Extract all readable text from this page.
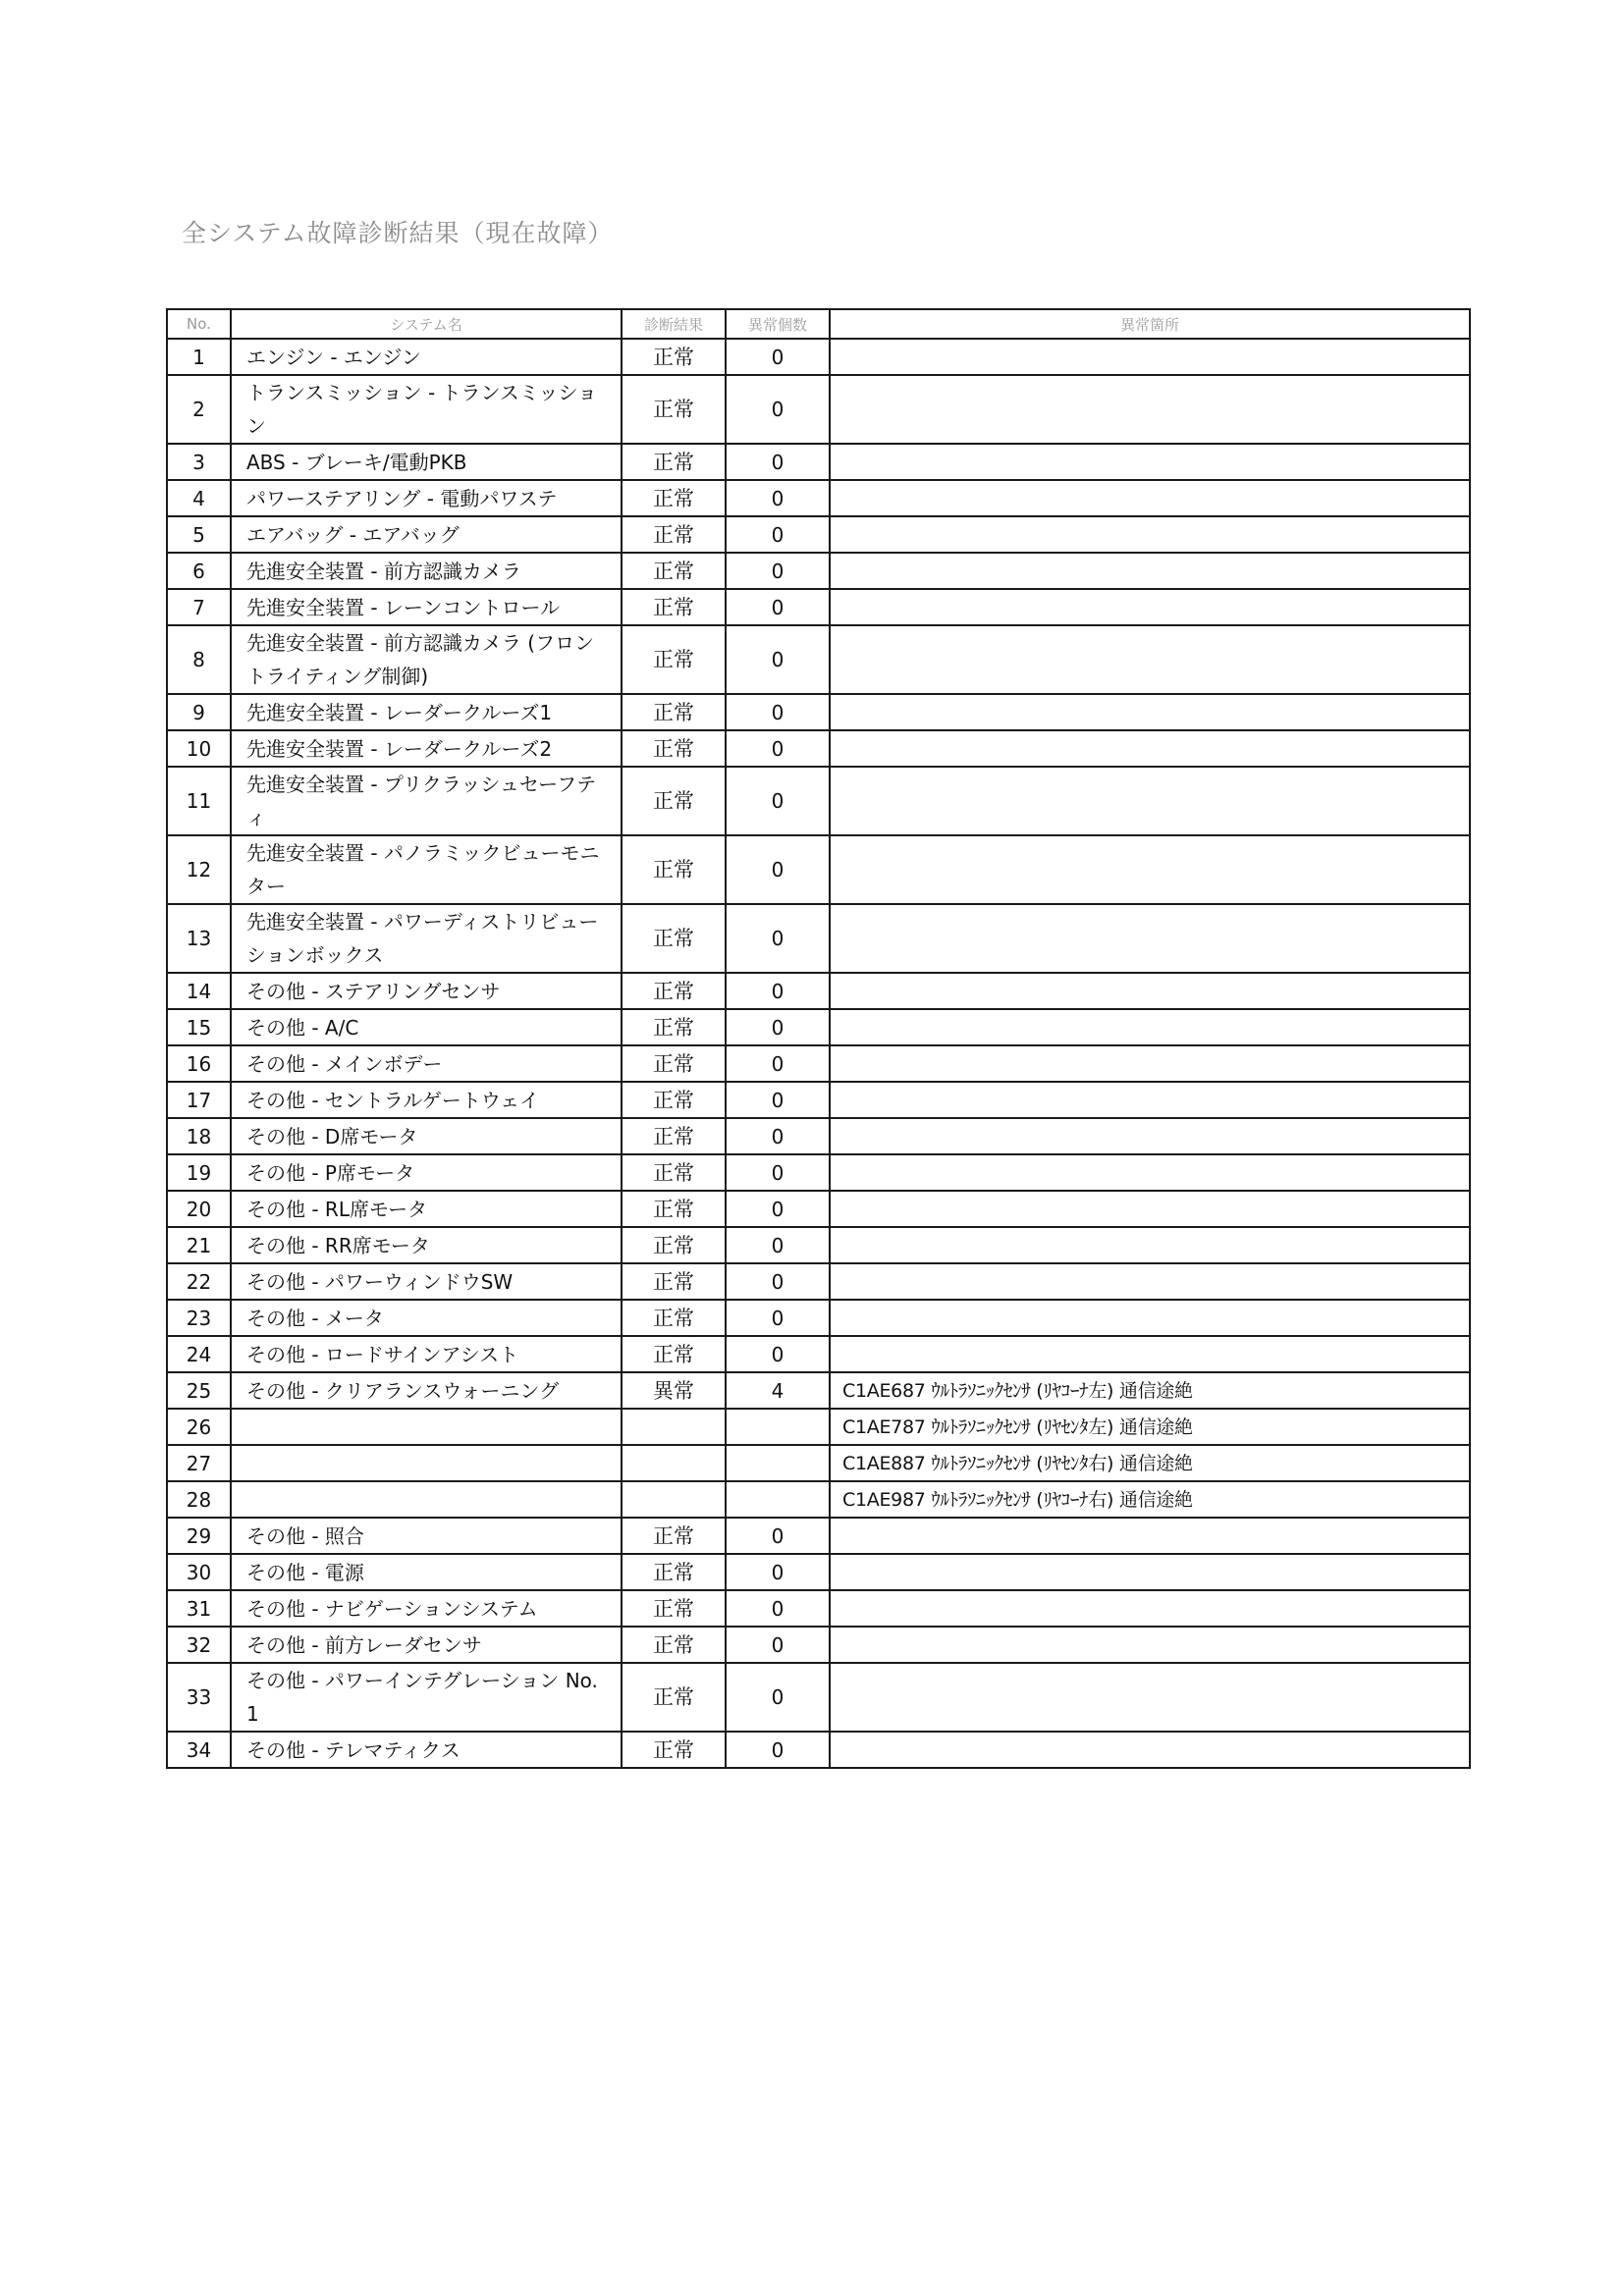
全システム故障診断結果（現在故障）
No.	システム名	診断結果	異常個数	異常箇所
1	エンジン - エンジン	正常	0	
2	トランスミッション - トランスミッション	正常	0	
3	ABS - ブレーキ/電動PKB	正常	0	
4	パワーステアリング - 電動パワステ	正常	0	
5	エアバッグ - エアバッグ	正常	0	
6	先進安全装置 - 前方認識カメラ	正常	0	
7	先進安全装置 - レーンコントロール	正常	0	
8	先進安全装置 - 前方認識カメラ (フロントライティング制御)	正常	0	
9	先進安全装置 - レーダークルーズ1	正常	0	
10	先進安全装置 - レーダークルーズ2	正常	0	
11	先進安全装置 - プリクラッシュセーフティ	正常	0	
12	先進安全装置 - パノラミックビューモニター	正常	0	
13	先進安全装置 - パワーディストリビューションボックス	正常	0	
14	その他 - ステアリングセンサ	正常	0	
15	その他 - A/C	正常	0	
16	その他 - メインボデー	正常	0	
17	その他 - セントラルゲートウェイ	正常	0	
18	その他 - D席モータ	正常	0	
19	その他 - P席モータ	正常	0	
20	その他 - RL席モータ	正常	0	
21	その他 - RR席モータ	正常	0	
22	その他 - パワーウィンドウSW	正常	0	
23	その他 - メータ	正常	0	
24	その他 - ロードサインアシスト	正常	0	
25	その他 - クリアランスウォーニング	異常	4	C1AE687 ｳﾙﾄﾗｿﾆｯｸｾﾝｻ (ﾘﾔｺｰﾅ左) 通信途絶
26				C1AE787 ｳﾙﾄﾗｿﾆｯｸｾﾝｻ (ﾘﾔｾﾝﾀ左) 通信途絶
27				C1AE887 ｳﾙﾄﾗｿﾆｯｸｾﾝｻ (ﾘﾔｾﾝﾀ右) 通信途絶
28				C1AE987 ｳﾙﾄﾗｿﾆｯｸｾﾝｻ (ﾘﾔｺｰﾅ右) 通信途絶
29	その他 - 照合	正常	0	
30	その他 - 電源	正常	0	
31	その他 - ナビゲーションシステム	正常	0	
32	その他 - 前方レーダセンサ	正常	0	
33	その他 - パワーインテグレーション No.1	正常	0	
34	その他 - テレマティクス	正常	0	
